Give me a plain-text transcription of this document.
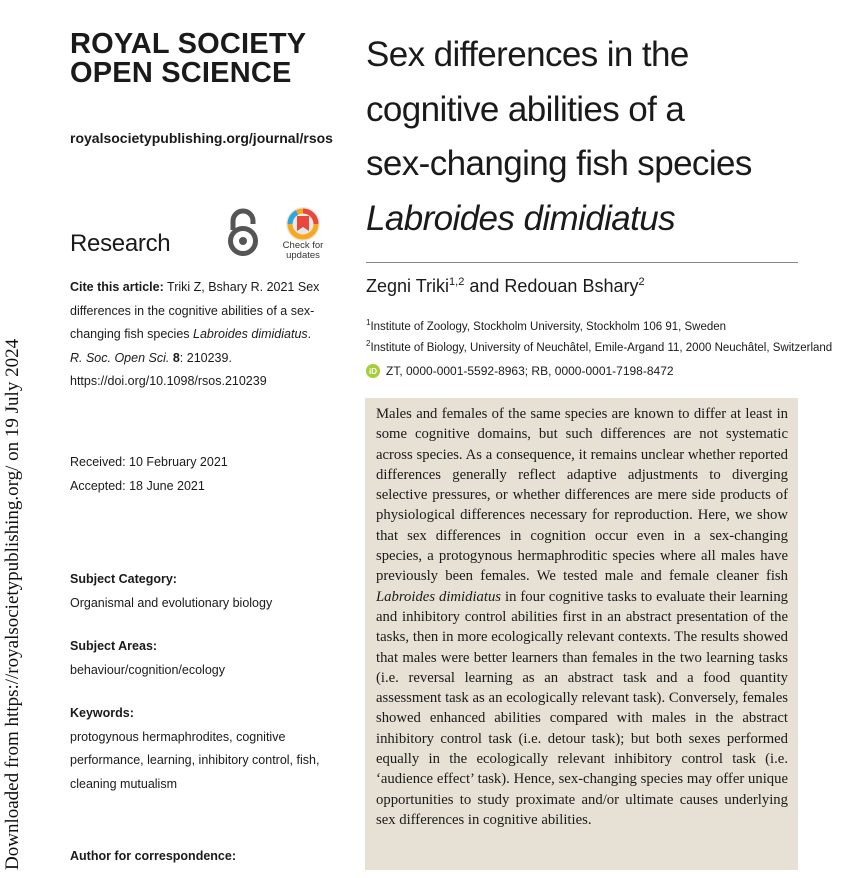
Downloaded from https://royalsocietypublishing.org/ on 19 July 2024
ROYAL SOCIETY
OPEN SCIENCE
royalsocietypublishing.org/journal/rsos
Research	Check for
updates
Cite this article: Triki Z, Bshary R. 2021 Sex differences in the cognitive abilities of a sex-changing fish species Labroides dimidiatus. R. Soc. Open Sci. 8: 210239.
https://doi.org/10.1098/rsos.210239
Received: 10 February 2021
Accepted: 18 June 2021
Subject Category:
Organismal and evolutionary biology
Subject Areas:
behaviour/cognition/ecology
Keywords:
protogynous hermaphrodites, cognitive performance, learning, inhibitory control, fish, cleaning mutualism
Author for correspondence:
Sex differences in the
cognitive abilities of a
sex-changing fish species
Labroides dimidiatus
Zegni Triki$^{1,2}$ and Redouan Bshary$^2$
$^1$Institute of Zoology, Stockholm University, Stockholm 106 91, Sweden
$^2$Institute of Biology, University of Neuchâtel, Emile-Argand 11, 2000 Neuchâtel, Switzerland
iD ZT, 0000-0001-5592-8963; RB, 0000-0001-7198-8472
Males and females of the same species are known to differ at least in some cognitive domains, but such differences are not systematic across species. As a consequence, it remains unclear whether reported differences generally reflect adaptive adjustments to diverging selective pressures, or whether differences are mere side products of physiological differences necessary for reproduction. Here, we show that sex differences in cognition occur even in a sex-changing species, a protogynous hermaphroditic species where all males have previously been females. We tested male and female cleaner fish Labroides dimidiatus in four cognitive tasks to evaluate their learning and inhibitory control abilities first in an abstract presentation of the tasks, then in more ecologically relevant contexts. The results showed that males were better learners than females in the two learning tasks (i.e. reversal learning as an abstract task and a food quantity assessment task as an ecologically relevant task). Conversely, females showed enhanced abilities compared with males in the abstract inhibitory control task (i.e. detour task); but both sexes performed equally in the ecologically relevant inhibitory control task (i.e. ‘audience effect’ task). Hence, sex-changing species may offer unique opportunities to study proximate and/or ultimate causes underlying sex differences in cognitive abilities.
